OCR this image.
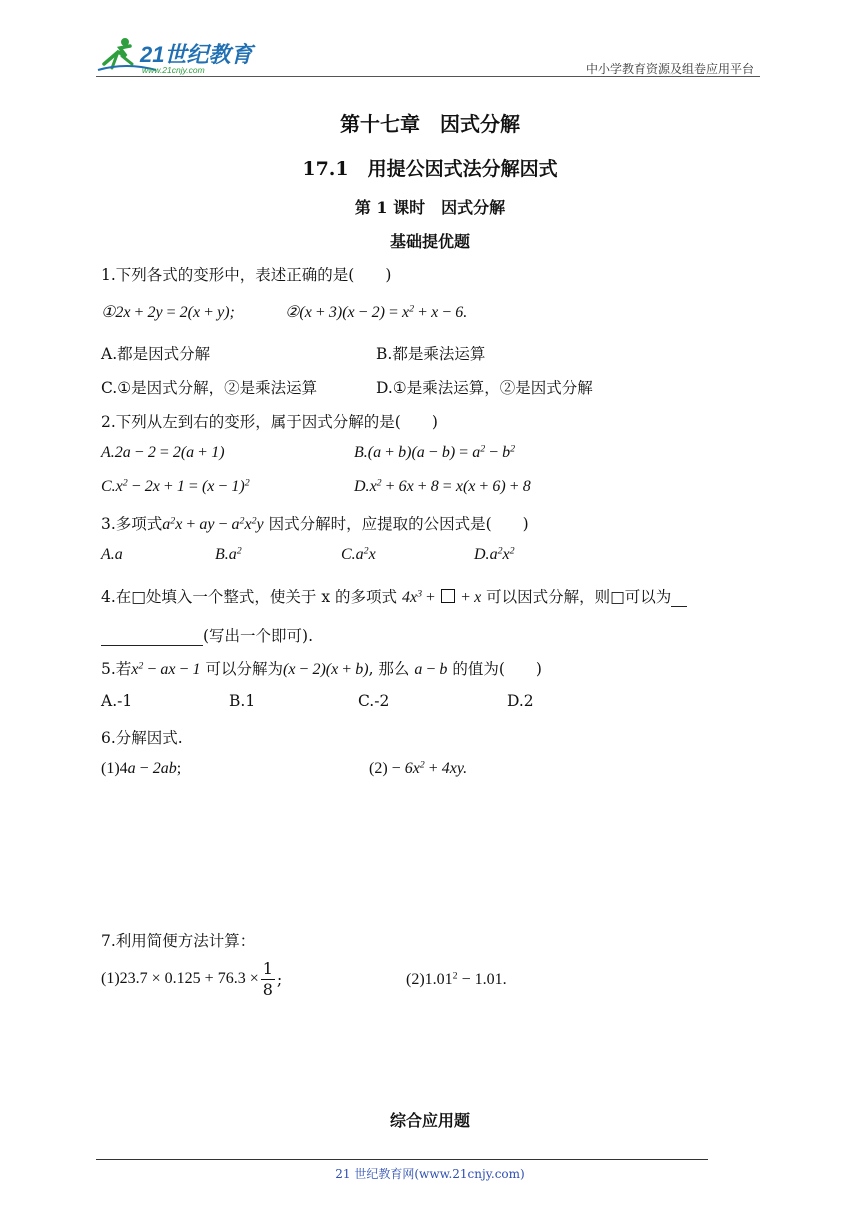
21世纪教育
www.21cnjy.com	中小学教育资源及组卷应用平台
第十七章　因式分解
17.1　用提公因式法分解因式
第 1 课时　因式分解
基础提优题
1.下列各式的变形中，表述正确的是(　　)
①2x + 2y = 2(x + y);	②(x + $3)(x - 2) = x^2 + x - 6$.
A.都是因式分解	B.都是乘法运算
C.①是因式分解，②是乘法运算	D.①是乘法运算，②是因式分解
2.下列从左到右的变形，属于因式分解的是(　　)
A.2a − 2 = 2(a + 1)	$B.(a + b)(a - b) = a^2 - b^2$
$C.x^2 - 2x + 1 = (x - 1)^2$	$D.x^2 + 6x + 8 = x(x + 6) + 8$
3.多项式$a^2x$ + ay − $a^2x^2y$ 因式分解时，应提取的公因式是(　　)
A.a	$B.a^2$	$C.a^2x$	$D.a^2x^2$
4.在□处填入一个整式，使关于 x 的多项式 $4x^3$ + + x 可以因式分解，则□可以为
(写出一个即可).
5.若$x^2$ − ax − 1 可以分解为(x − 2)(x + b), 那么 a − b 的值为(　　)
A.-1	B.1	C.-2	D.2
6.分解因式.
(1)4a − 2ab;	$(2) - 6x^2 + 4xy$.
7.利用简便方法计算：
$(1)23.7 \times 0.125 + 76.3 \times \frac{1}{8}$ ;	$(2)1.01^2 - 1.01$.
综合应用题
21 世纪教育网(www.21cnjy.com)
